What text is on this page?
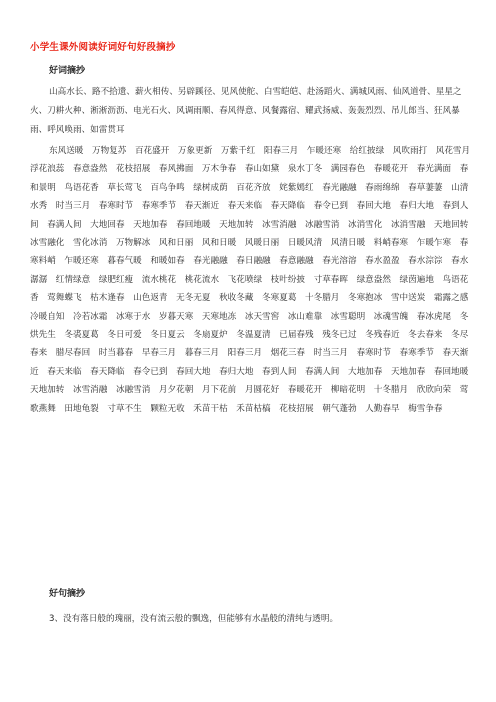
小学生课外阅读好词好句好段摘抄
好词摘抄

山高水长、路不拾遗、薪火相传、另辟蹊径、见风使舵、白雪皑皑、赴汤蹈火、满城风雨、仙风道骨、星星之火、刀耕火种、淅淅沥沥、电光石火、风调雨顺、春风得意、风餐露宿、耀武扬威、轰轰烈烈、吊儿郎当、狂风暴雨、呼风唤雨、如雷贯耳

东风送暖　万物复苏　百花盛开　万象更新　万紫千红　阳春三月　乍暖还寒　给红披绿　风吹雨打　风花雪月　浮花浪蕊　春意盎然　花枝招展　春风拂面　万木争春　春山如黛　泉水丁冬　满园春色　春暖花开　春光满面　春和景明　鸟语花香　草长莺飞　百鸟争鸣　绿树成荫　百花齐放　姹紫嫣红　春光融融　春雨绵绵　春草萋萋　山清水秀　时当三月　春寒时节　春寒季节　春天渐近　春天来临　春天降临　春令已到　春回大地　春归大地　春到人间　春满人间　大地回春　天地加春　春回地暖　天地加转　冰雪消融　冰融雪消　冰消雪化　冰消雪融　天地回转　冰雪融化　雪化冰消　万物解冰　风和日丽　风和日暖　风暖日丽　日暖风清　风清日暖　料峭春寒　乍暖乍寒　春寒料峭　乍暖还寒　暮春气暖　和暖如春　春光融融　春日融融　春意融融　春光溶溶　春水盈盈　春水淙淙　春水潺潺　红情绿意　绿肥红瘦　流水桃花　桃花流水　飞花喷绿　枝叶纷披　寸草春晖　绿意盎然　绿茵遍地　鸟语花香　莺舞蝶飞　枯木逢春　山色返青　无冬无夏　秋收冬藏　冬寒夏葛　十冬腊月　冬寒抱冰　雪中送炭　霜露之感　冷暖自知　冷若冰霜　冰寒于水　岁暮天寒　天寒地冻　冰天雪窖　冰山难靠　冰雪聪明　冰魂雪魄　春冰虎尾　冬烘先生　冬裘夏葛　冬日可爱　冬日夏云　冬扇夏炉　冬温夏清　已届春残　残冬已过　冬残春近　冬去春来　冬尽春来　腊尽春回　时当暮春　早春三月　暮春三月　阳春三月　烟花三春　时当三月　春寒时节　春寒季节　春天渐近　春天来临　春天降临　春令已到　春回大地　春归大地　春到人间　春满人间　大地加春　天地加春　春回地暖　天地加转　冰雪消融　冰融雪消　月夕花朝　月下花前　月圆花好　春暖花开　柳暗花明　十冬腊月　欣欣向荣　莺歌燕舞　田地龟裂　寸草不生　颗粒无收　禾苗干枯　禾苗枯槁　花枝招展　朝气蓬勃　人勤春早　梅雪争春

好句摘抄

3、没有落日般的瑰丽，没有流云般的飘逸，但能够有水晶般的清纯与透明。
